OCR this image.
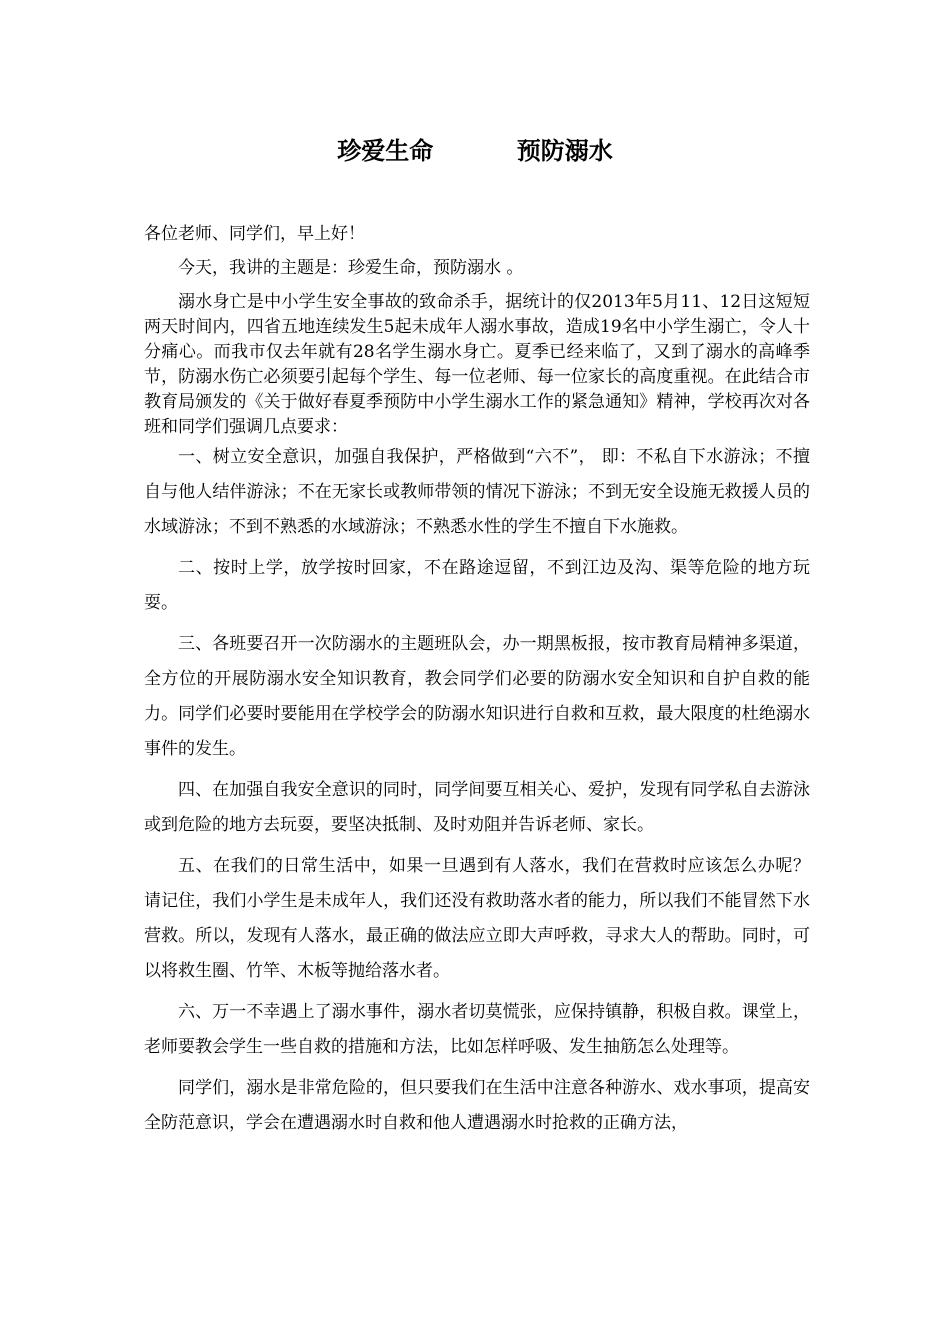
珍爱生命          预防溺水

各位老师、同学们，早上好！

今天，我讲的主题是：珍爱生命，预防溺水 。

溺水身亡是中小学生安全事故的致命杀手，据统计的仅2013年5月11、12日这短短两天时间内，四省五地连续发生5起未成年人溺水事故，造成19名中小学生溺亡，令人十分痛心。而我市仅去年就有28名学生溺水身亡。夏季已经来临了，又到了溺水的高峰季节，防溺水伤亡必须要引起每个学生、每一位老师、每一位家长的高度重视。在此结合市教育局颁发的《关于做好春夏季预防中小学生溺水工作的紧急通知》精神，学校再次对各班和同学们强调几点要求：

一、树立安全意识，加强自我保护，严格做到“六不”， 即：不私自下水游泳；不擅自与他人结伴游泳；不在无家长或教师带领的情况下游泳；不到无安全设施无救援人员的水域游泳；不到不熟悉的水域游泳；不熟悉水性的学生不擅自下水施救。

二、按时上学，放学按时回家，不在路途逗留，不到江边及沟、渠等危险的地方玩耍。

三、各班要召开一次防溺水的主题班队会，办一期黑板报，按市教育局精神多渠道，全方位的开展防溺水安全知识教育，教会同学们必要的防溺水安全知识和自护自救的能力。同学们必要时要能用在学校学会的防溺水知识进行自救和互救，最大限度的杜绝溺水事件的发生。

四、在加强自我安全意识的同时，同学间要互相关心、爱护，发现有同学私自去游泳或到危险的地方去玩耍，要坚决抵制、及时劝阻并告诉老师、家长。

五、在我们的日常生活中，如果一旦遇到有人落水，我们在营救时应该怎么办呢？ 请记住，我们小学生是未成年人，我们还没有救助落水者的能力，所以我们不能冒然下水营救。所以，发现有人落水，最正确的做法应立即大声呼救，寻求大人的帮助。同时，可以将救生圈、竹竿、木板等抛给落水者。

六、万一不幸遇上了溺水事件，溺水者切莫慌张，应保持镇静，积极自救。课堂上，老师要教会学生一些自救的措施和方法，比如怎样呼吸、发生抽筋怎么处理等。

同学们，溺水是非常危险的，但只要我们在生活中注意各种游水、戏水事项，提高安全防范意识，学会在遭遇溺水时自救和他人遭遇溺水时抢救的正确方法，
